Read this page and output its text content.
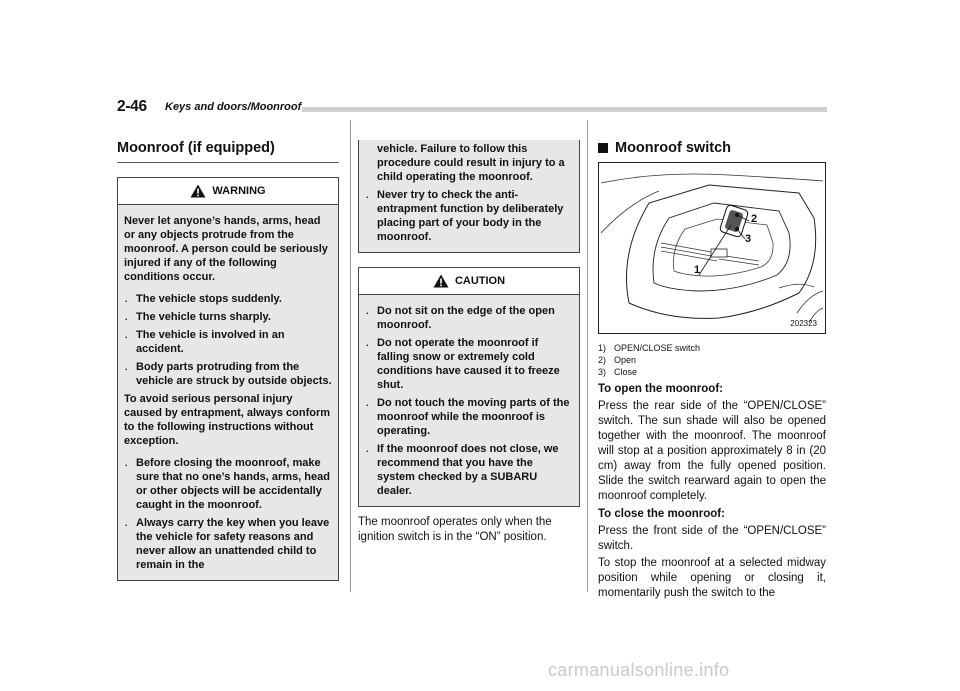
2-46 Keys and doors/Moonroof
Moonroof (if equipped)
WARNING

Never let anyone’s hands, arms, head or any objects protrude from the moonroof. A person could be seriously injured if any of the following conditions occur.

. The vehicle stops suddenly.
. The vehicle turns sharply.
. The vehicle is involved in an accident.
. Body parts protruding from the vehicle are struck by outside objects.

To avoid serious personal injury caused by entrapment, always conform to the following instructions without exception.

. Before closing the moonroof, make sure that no one’s hands, arms, head or other objects will be accidentally caught in the moonroof.
. Always carry the key when you leave the vehicle for safety reasons and never allow an unattended child to remain in the
vehicle. Failure to follow this procedure could result in injury to a child operating the moonroof.
. Never try to check the anti-entrapment function by deliberately placing part of your body in the moonroof.
CAUTION
. Do not sit on the edge of the open moonroof.
. Do not operate the moonroof if falling snow or extremely cold conditions have caused it to freeze shut.
. Do not touch the moving parts of the moonroof while the moonroof is operating.
. If the moonroof does not close, we recommend that you have the system checked by a SUBARU dealer.

The moonroof operates only when the ignition switch is in the “ON” position.

Moonroof switch
1
2
3
202323
1) OPEN/CLOSE switch
2) Open
3) Close

To open the moonroof:

Press the rear side of the “OPEN/CLOSE” switch. The sun shade will also be opened together with the moonroof. The moonroof will stop at a position approximately 8 in (20 cm) away from the fully opened position. Slide the switch rearward again to open the moonroof completely.

To close the moonroof:

Press the front side of the “OPEN/CLOSE” switch.

To stop the moonroof at a selected midway position while opening or closing it, momentarily push the switch to the

carmanualsonline.info
